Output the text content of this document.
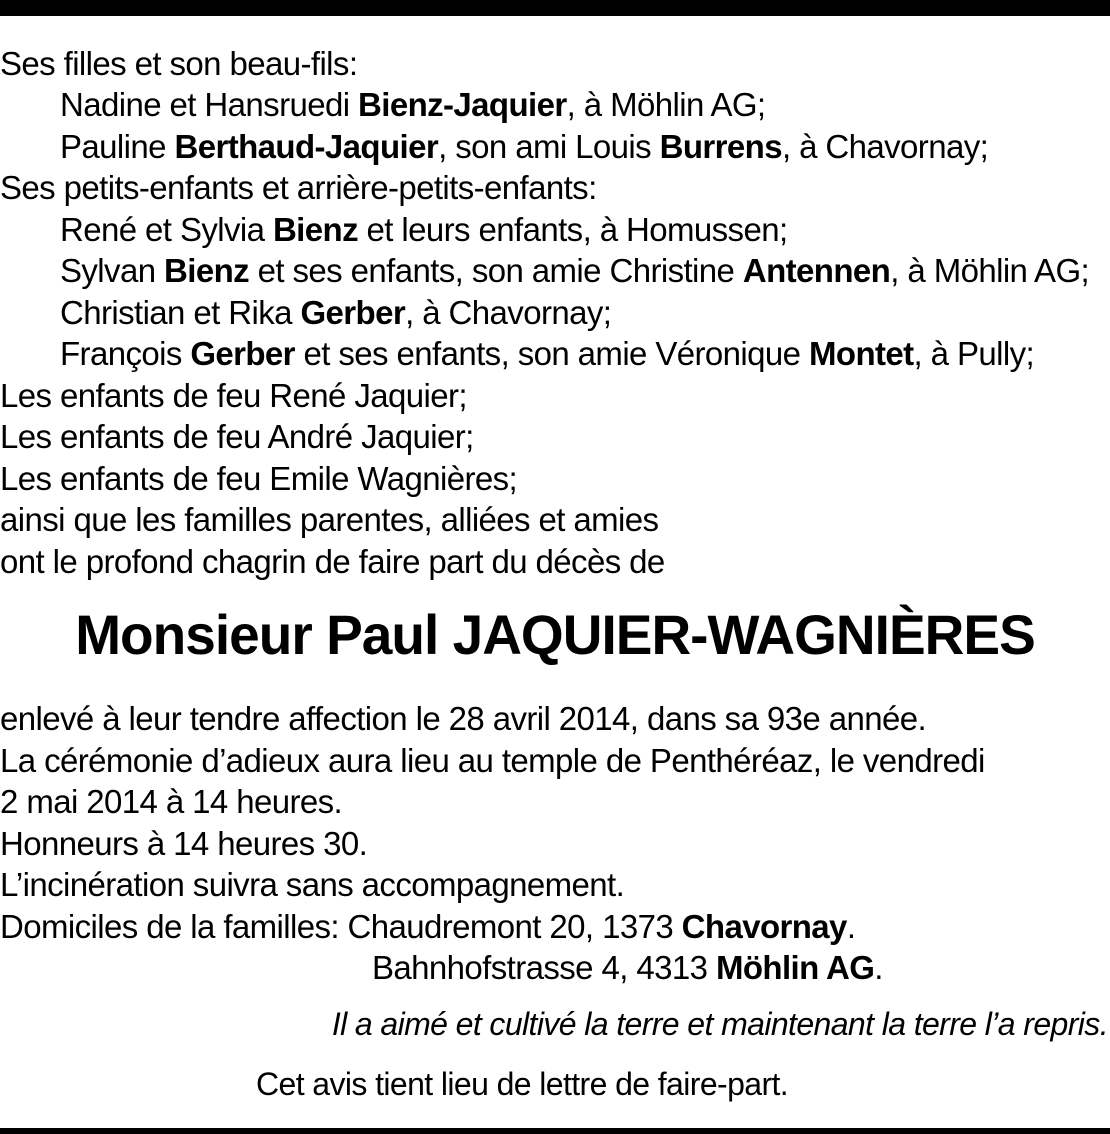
Ses filles et son beau-fils:
Nadine et Hansruedi Bienz-Jaquier, à Möhlin AG;
Pauline Berthaud-Jaquier, son ami Louis Burrens, à Chavornay;
Ses petits-enfants et arrière-petits-enfants:
René et Sylvia Bienz et leurs enfants, à Homussen;
Sylvan Bienz et ses enfants, son amie Christine Antennen, à Möhlin AG;
Christian et Rika Gerber, à Chavornay;
François Gerber et ses enfants, son amie Véronique Montet, à Pully;
Les enfants de feu René Jaquier;
Les enfants de feu André Jaquier;
Les enfants de feu Emile Wagnières;
ainsi que les familles parentes, alliées et amies
ont le profond chagrin de faire part du décès de
Monsieur Paul JAQUIER-WAGNIÈRES
enlevé à leur tendre affection le 28 avril 2014, dans sa 93e année.
La cérémonie d’adieux aura lieu au temple de Penthéréaz, le vendredi
2 mai 2014 à 14 heures.
Honneurs à 14 heures 30.
L’incinération suivra sans accompagnement.
Domiciles de la familles: Chaudremont 20, 1373 Chavornay.
Bahnhofstrasse 4, 4313 Möhlin AG.
Il a aimé et cultivé la terre et maintenant la terre l’a repris.
Cet avis tient lieu de lettre de faire-part.
